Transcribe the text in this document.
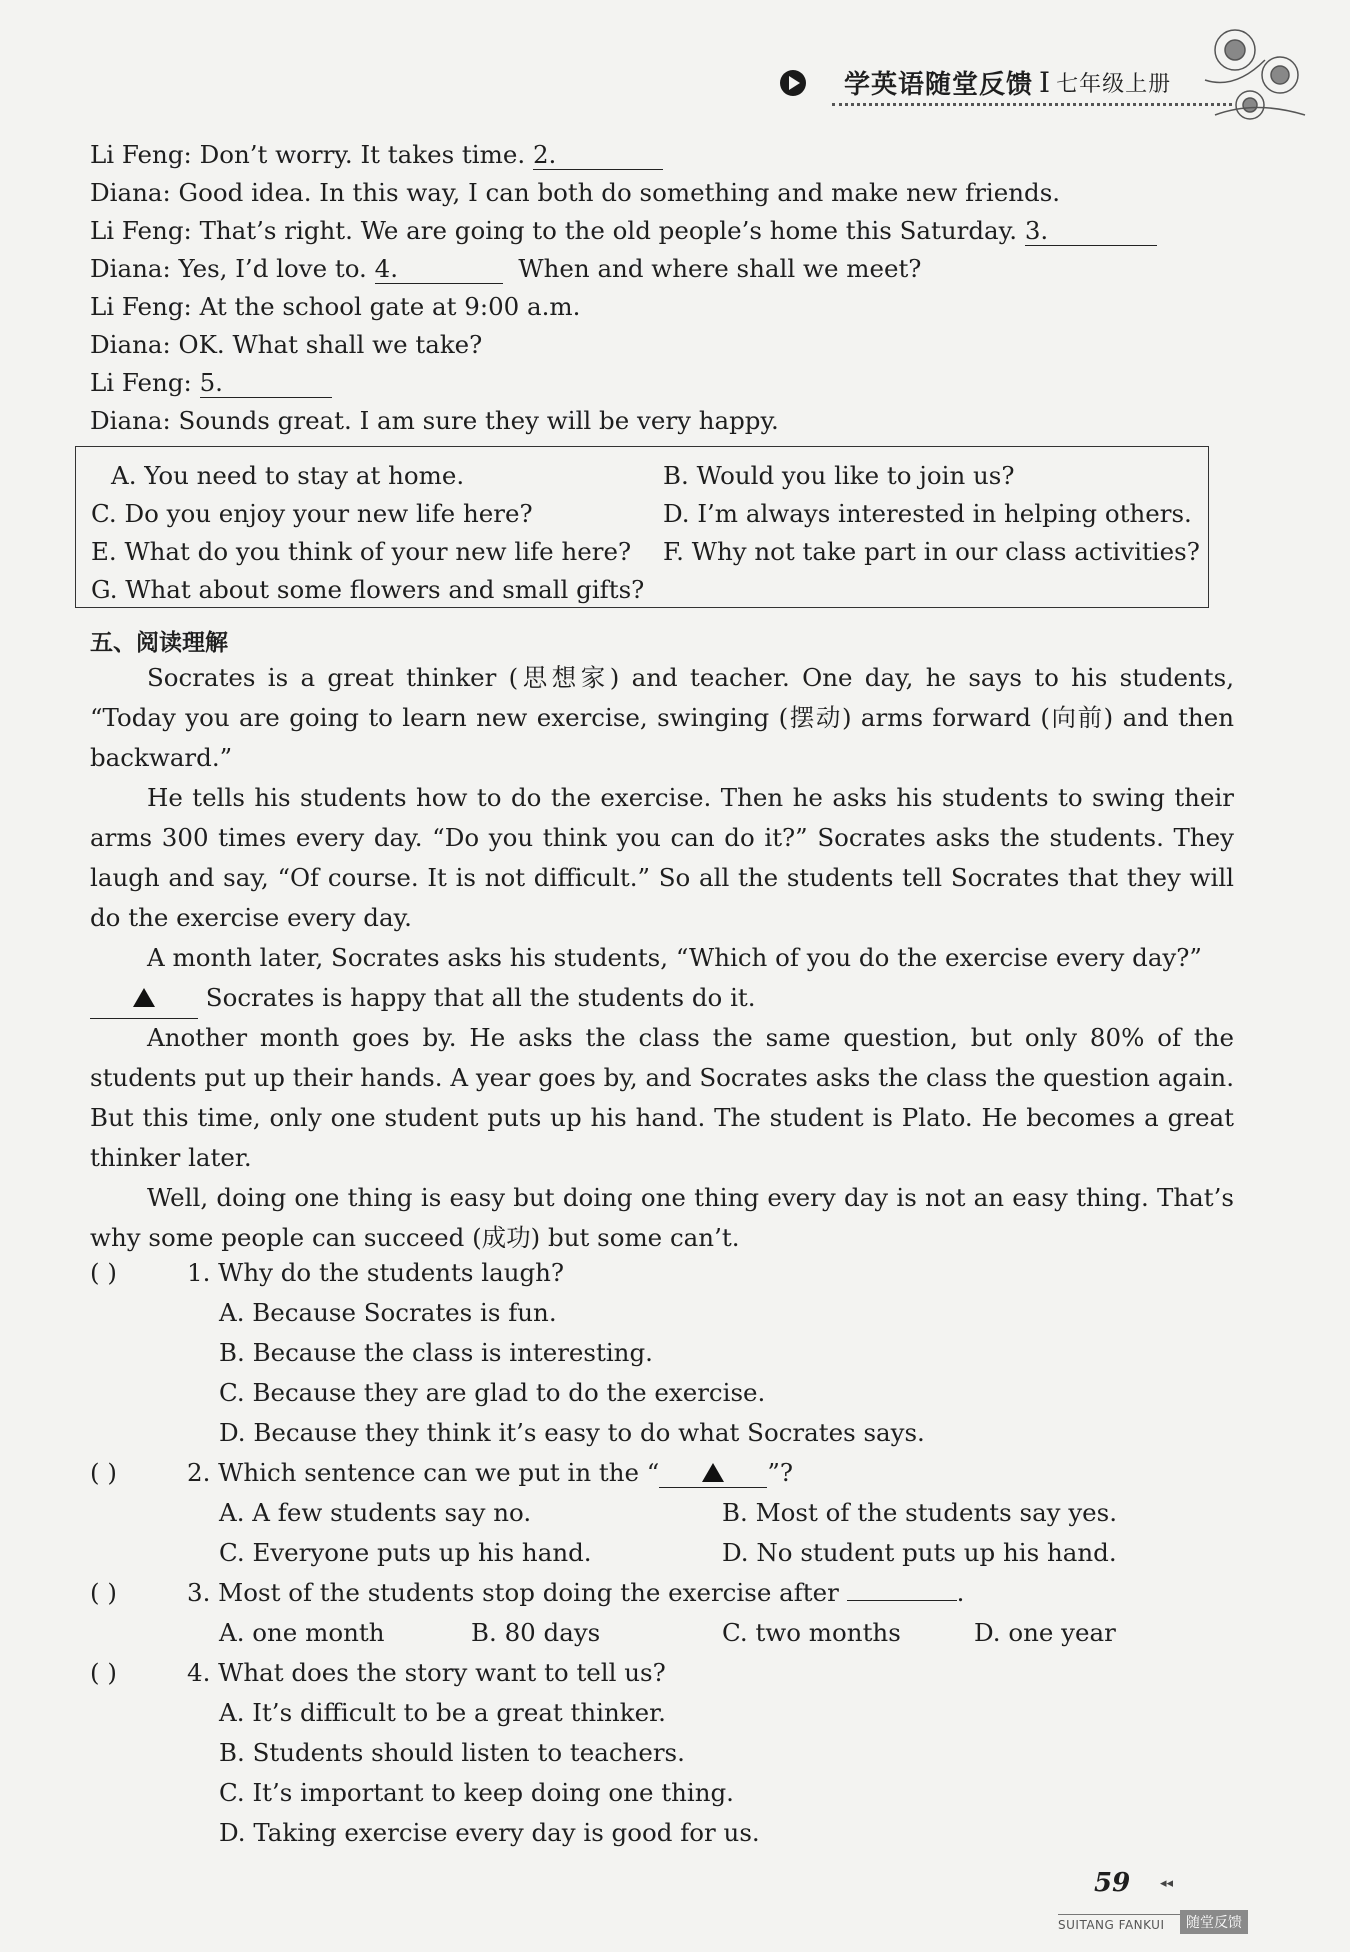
学英语随堂反馈 I 七年级上册
Li Feng: Don’t worry. It takes time. 2.
Diana: Good idea. In this way, I can both do something and make new friends.
Li Feng: That’s right. We are going to the old people’s home this Saturday. 3.
Diana: Yes, I’d love to. 4.	When and where shall we meet?
Li Feng: At the school gate at 9:00 a.m.
Diana: OK. What shall we take?
Li Feng: 5.
Diana: Sounds great. I am sure they will be very happy.
A. You need to stay at home.	B. Would you like to join us?
C. Do you enjoy your new life here?	D. I’m always interested in helping others.
E. What do you think of your new life here? F. Why not take part in our class activities?
G. What about some flowers and small gifts?
五、阅读理解
Socrates is a great thinker (思想家) and teacher. One day, he says to his students, “Today you are going to learn new exercise, swinging (摆动) arms forward (向前) and then backward.”
He tells his students how to do the exercise. Then he asks his students to swing their arms 300 times every day. “Do you think you can do it?” Socrates asks the students. They laugh and say, “Of course. It is not difficult.” So all the students tell Socrates that they will do the exercise every day.
A month later, Socrates asks his students, “Which of you do the exercise every day?”
Socrates is happy that all the students do it.
Another month goes by. He asks the class the same question, but only 80% of the students put up their hands. A year goes by, and Socrates asks the class the question again. But this time, only one student puts up his hand. The student is Plato. He becomes a great thinker later.
Well, doing one thing is easy but doing one thing every day is not an easy thing. That’s why some people can succeed (成功) but some can’t.
( )	1. Why do the students laugh?
A. Because Socrates is fun.
B. Because the class is interesting.
C. Because they are glad to do the exercise.
D. Because they think it’s easy to do what Socrates says.
( )	2. Which sentence can we put in the “	”?
A. A few students say no.	B. Most of the students say yes.
C. Everyone puts up his hand.	D. No student puts up his hand.
( )	3. Most of the students stop doing the exercise after	.
A. one month	B. 80 days	C. two months	D. one year
( )	4. What does the story want to tell us?
A. It’s difficult to be a great thinker.
B. Students should listen to teachers.
C. It’s important to keep doing one thing.
D. Taking exercise every day is good for us.
59 ◂◂
SUITANG FANKUI	随堂反馈
